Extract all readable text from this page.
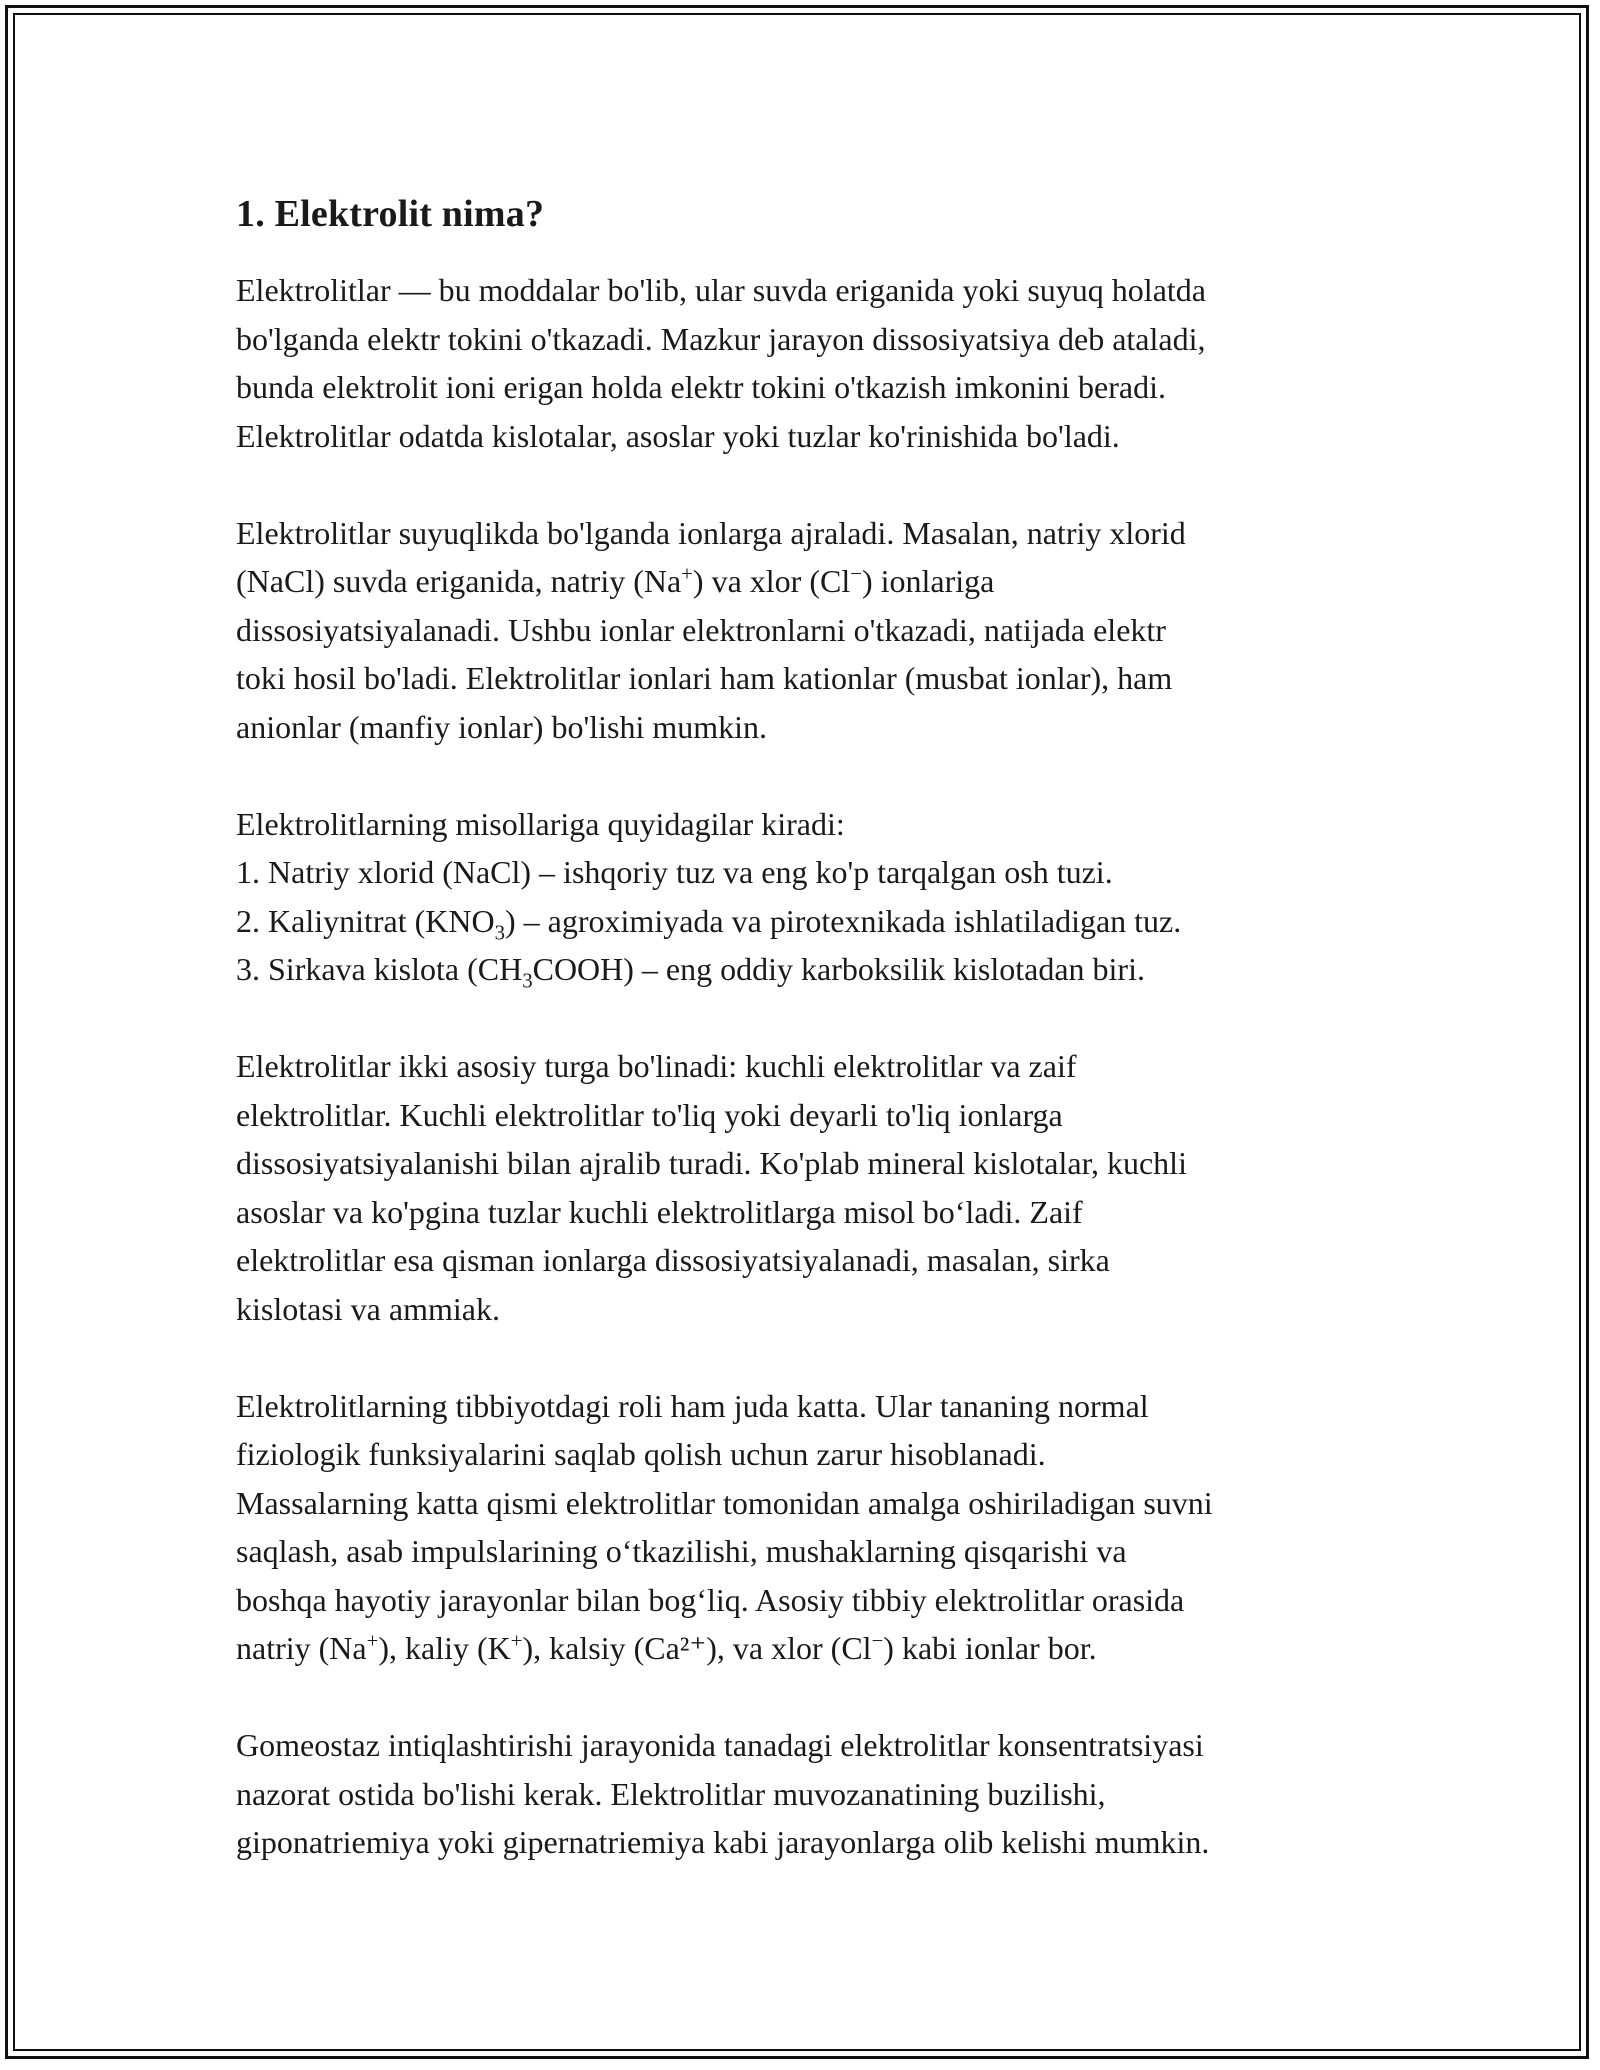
1. Elektrolit nima?

Elektrolitlar — bu moddalar bo'lib, ular suvda eriganida yoki suyuq holatda
bo'lganda elektr tokini o'tkazadi. Mazkur jarayon dissosiyatsiya deb ataladi,
bunda elektrolit ioni erigan holda elektr tokini o'tkazish imkonini beradi.
Elektrolitlar odatda kislotalar, asoslar yoki tuzlar ko'rinishida bo'ladi.

Elektrolitlar suyuqlikda bo'lganda ionlarga ajraladi. Masalan, natriy xlorid
(NaCl) suvda eriganida, natriy (Na+) va xlor (Cl−) ionlariga
dissosiyatsiyalanadi. Ushbu ionlar elektronlarni o'tkazadi, natijada elektr
toki hosil bo'ladi. Elektrolitlar ionlari ham kationlar (musbat ionlar), ham
anionlar (manfiy ionlar) bo'lishi mumkin.

Elektrolitlarning misollariga quyidagilar kiradi:
1. Natriy xlorid (NaCl) – ishqoriy tuz va eng ko'p tarqalgan osh tuzi.
2. Kaliynitrat $(KNO_3)$ – agroximiyada va pirotexnikada ishlatiladigan tuz.
3. Sirkava kislota $(CH_3COOH)$ – eng oddiy karboksilik kislotadan biri.

Elektrolitlar ikki asosiy turga bo'linadi: kuchli elektrolitlar va zaif
elektrolitlar. Kuchli elektrolitlar to'liq yoki deyarli to'liq ionlarga
dissosiyatsiyalanishi bilan ajralib turadi. Ko'plab mineral kislotalar, kuchli
asoslar va ko'pgina tuzlar kuchli elektrolitlarga misol bo‘ladi. Zaif
elektrolitlar esa qisman ionlarga dissosiyatsiyalanadi, masalan, sirka
kislotasi va ammiak.

Elektrolitlarning tibbiyotdagi roli ham juda katta. Ular tananing normal
fiziologik funksiyalarini saqlab qolish uchun zarur hisoblanadi.
Massalarning katta qismi elektrolitlar tomonidan amalga oshiriladigan suvni
saqlash, asab impulslarining o‘tkazilishi, mushaklarning qisqarishi va
boshqa hayotiy jarayonlar bilan bog‘liq. Asosiy tibbiy elektrolitlar orasida
natriy (Na+), kaliy (K+), kalsiy (Ca²⁺), va xlor (Cl−) kabi ionlar bor.

Gomeostaz intiqlashtirishi jarayonida tanadagi elektrolitlar konsentratsiyasi
nazorat ostida bo'lishi kerak. Elektrolitlar muvozanatining buzilishi,
giponatriemiya yoki gipernatriemiya kabi jarayonlarga olib kelishi mumkin.
